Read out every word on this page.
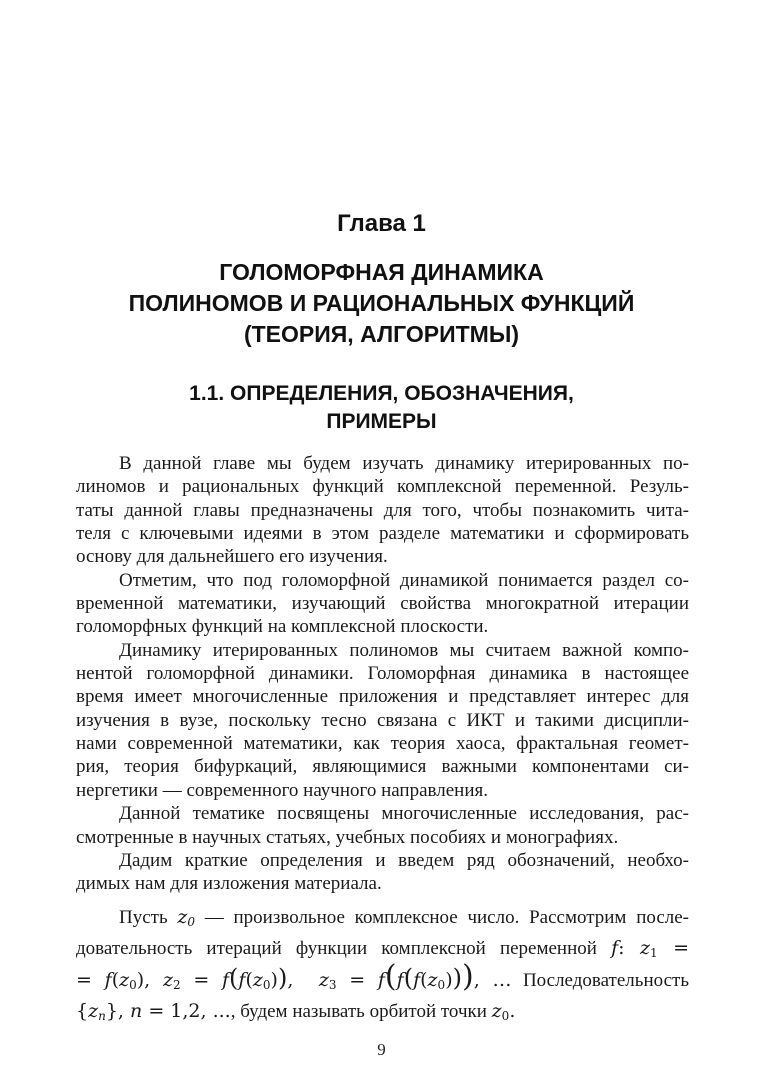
Глава 1
ГОЛОМОРФНАЯ ДИНАМИКА
ПОЛИНОМОВ И РАЦИОНАЛЬНЫХ ФУНКЦИЙ
(ТЕОРИЯ, АЛГОРИТМЫ)
1.1. ОПРЕДЕЛЕНИЯ, ОБОЗНАЧЕНИЯ,
ПРИМЕРЫ
В данной главе мы будем изучать динамику итерированных по-
линомов и рациональных функций комплексной переменной. Резуль-
таты данной главы предназначены для того, чтобы познакомить чита-
теля с ключевыми идеями в этом разделе математики и сформировать
основу для дальнейшего его изучения.
Отметим, что под голоморфной динамикой понимается раздел со-
временной математики, изучающий свойства многократной итерации
голоморфных функций на комплексной плоскости.
Динамику итерированных полиномов мы считаем важной компо-
нентой голоморфной динамики. Голоморфная динамика в настоящее
время имеет многочисленные приложения и представляет интерес для
изучения в вузе, поскольку тесно связана с ИКТ и такими дисципли-
нами современной математики, как теория хаоса, фрактальная геомет-
рия, теория бифуркаций, являющимися важными компонентами си-
нергетики — современного научного направления.
Данной тематике посвящены многочисленные исследования, рас-
смотренные в научных статьях, учебных пособиях и монографиях.
Дадим краткие определения и введем ряд обозначений, необхо-
димых нам для изложения материала.
Пусть $z_0$ — произвольное комплексное число. Рассмотрим после-
довательность итераций функции комплексной переменной f: $z_1$ =
= $f(z_0)$, $z_2 = f(f(z_0))$,  $z_3 = f(f(f(z_0)))$, … Последовательность
$\{z_n\}$, n = 1,2, ..., будем называть орбитой точки $z_0$.
9
